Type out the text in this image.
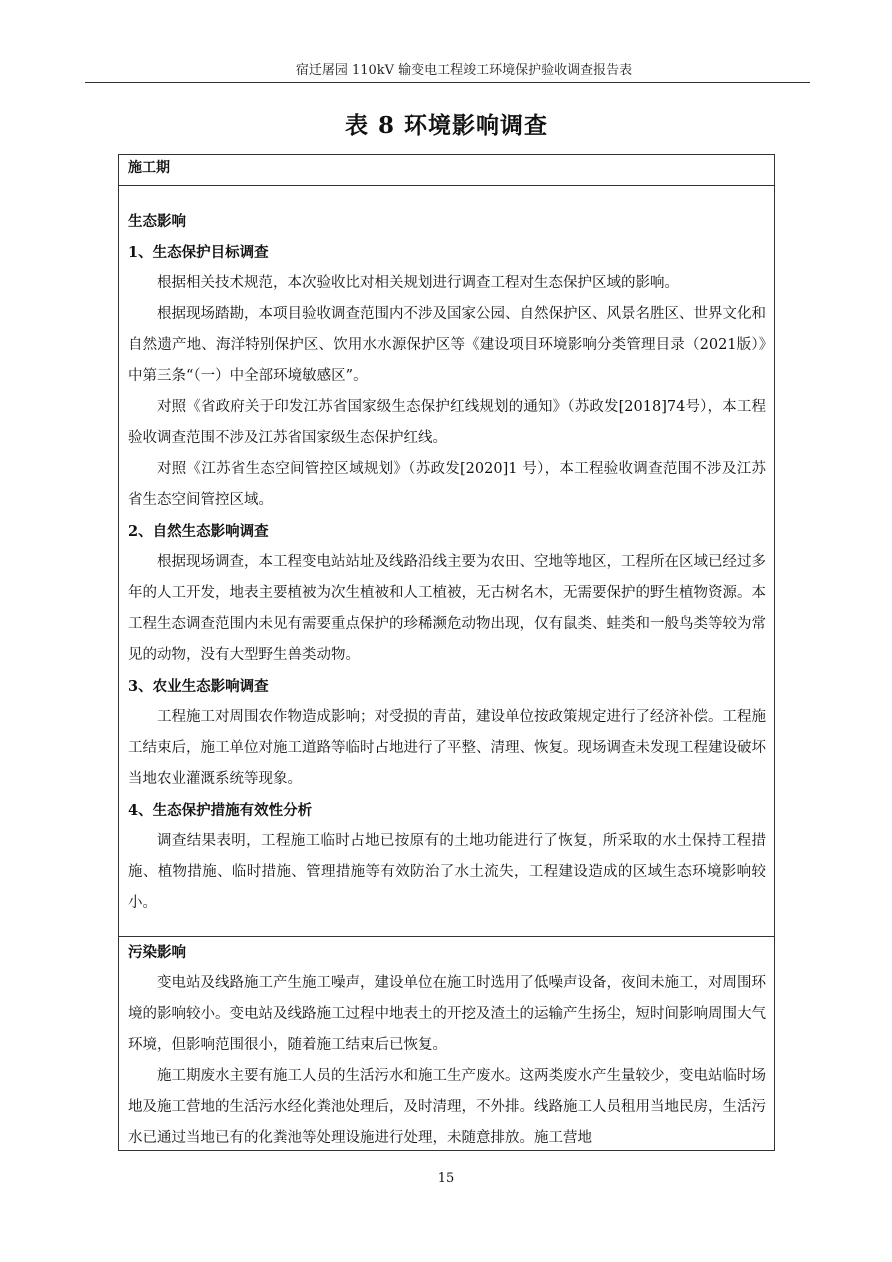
宿迁屠园 110kV 输变电工程竣工环境保护验收调查报告表
表 8 环境影响调查
施工期

生态影响

1、生态保护目标调查

根据相关技术规范，本次验收比对相关规划进行调查工程对生态保护区域的影响。

根据现场踏勘，本项目验收调查范围内不涉及国家公园、自然保护区、风景名胜区、世界文化和自然遗产地、海洋特别保护区、饮用水水源保护区等《建设项目环境影响分类管理目录（2021版）》中第三条“（一）中全部环境敏感区”。

对照《省政府关于印发江苏省国家级生态保护红线规划的通知》（苏政发[2018]74号），本工程验收调查范围不涉及江苏省国家级生态保护红线。

对照《江苏省生态空间管控区域规划》（苏政发[2020]1 号），本工程验收调查范围不涉及江苏省生态空间管控区域。

2、自然生态影响调查

根据现场调查，本工程变电站站址及线路沿线主要为农田、空地等地区，工程所在区域已经过多年的人工开发，地表主要植被为次生植被和人工植被，无古树名木，无需要保护的野生植物资源。本工程生态调查范围内未见有需要重点保护的珍稀濒危动物出现，仅有鼠类、蛙类和一般鸟类等较为常见的动物，没有大型野生兽类动物。

3、农业生态影响调查

工程施工对周围农作物造成影响；对受损的青苗，建设单位按政策规定进行了经济补偿。工程施工结束后，施工单位对施工道路等临时占地进行了平整、清理、恢复。现场调查未发现工程建设破坏当地农业灌溉系统等现象。

4、生态保护措施有效性分析

调查结果表明，工程施工临时占地已按原有的土地功能进行了恢复，所采取的水土保持工程措施、植物措施、临时措施、管理措施等有效防治了水土流失，工程建设造成的区域生态环境影响较小。

污染影响

变电站及线路施工产生施工噪声，建设单位在施工时选用了低噪声设备，夜间未施工，对周围环境的影响较小。变电站及线路施工过程中地表土的开挖及渣土的运输产生扬尘，短时间影响周围大气环境，但影响范围很小，随着施工结束后已恢复。

施工期废水主要有施工人员的生活污水和施工生产废水。这两类废水产生量较少，变电站临时场地及施工营地的生活污水经化粪池处理后，及时清理，不外排。线路施工人员租用当地民房，生活污水已通过当地已有的化粪池等处理设施进行处理，未随意排放。施工营地

15
